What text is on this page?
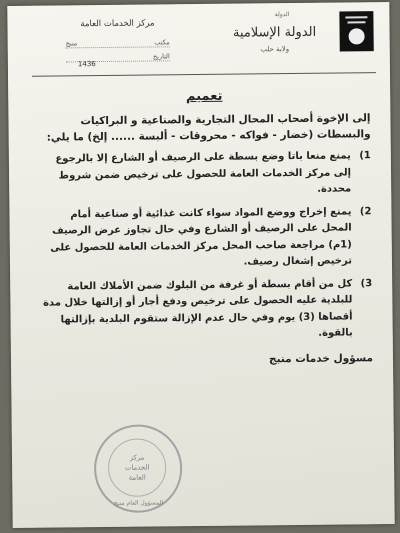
الدولة
الدولة الإسلامية
ولاية حلب
مركز الخدمات العامة
مكتب
منبج
التاريخ
1436
تعميم
إلى الإخوة أصحاب المحال التجارية والصناعية و البراكيات والبسطات (خضار - فواكه - محروقات - ألبسة ...... إلخ) ما يلي:
1)
يمنع منعا باتا وضع بسطة على الرصيف أو الشارع إلا بالرجوع إلى مركز الخدمات العامة للحصول على ترخيص ضمن شروط محددة.
2)
يمنع إخراج ووضع المواد سواء كانت غذائية أو صناعية أمام المحل على الرصيف أو الشارع وفي حال تجاوز عرض الرصيف (1م) مراجعة صاحب المحل مركز الخدمات العامة للحصول على ترخيص إشغال رصيف.
3)
كل من أقام بسطة أو غرفة من البلوك ضمن الأملاك العامة للبلدية عليه الحصول على ترخيص ودفع أجار أو إزالتها خلال مدة أقصاها (3) يوم وفي حال عدم الإزالة ستقوم البلدية بإزالتها بالقوة.
مسؤول خدمات منبج
مركز
الخدمات
العامة
المسؤول العام منبج
